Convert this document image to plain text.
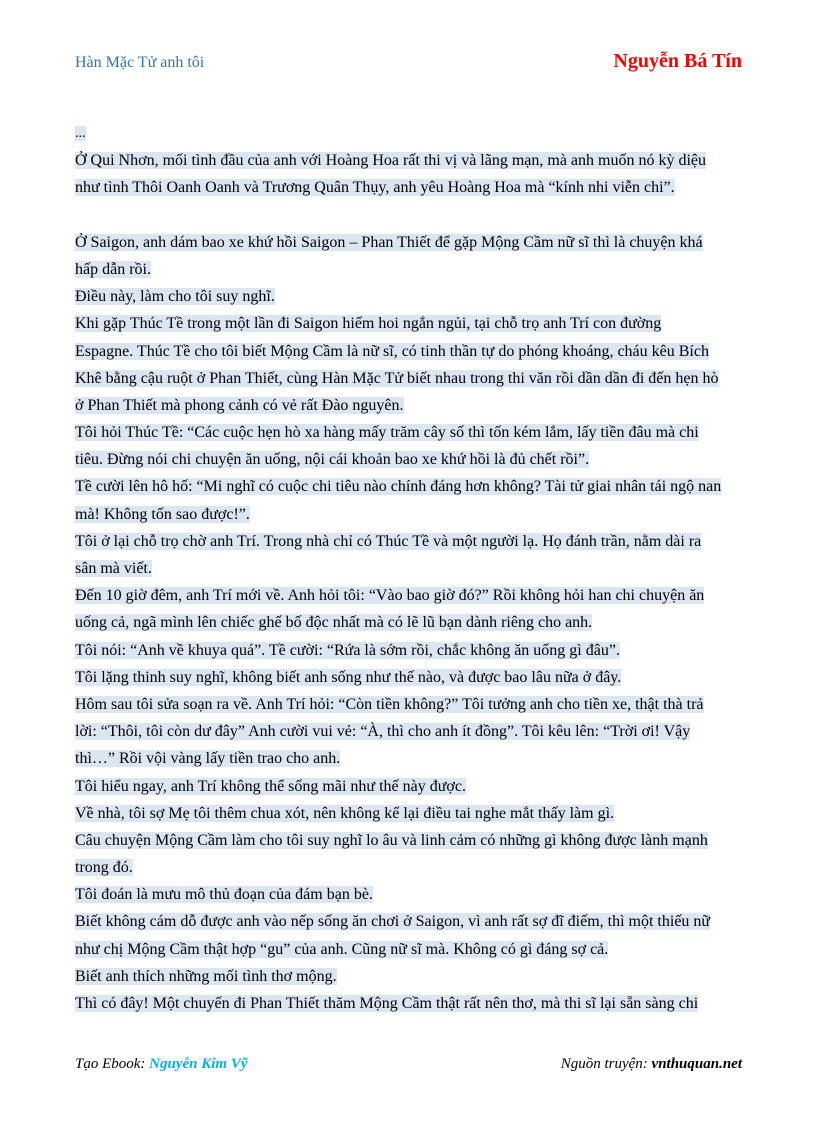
Hàn Mặc Tử anh tôi	Nguyễn Bá Tín
...
Ở Qui Nhơn, mối tình đầu của anh với Hoàng Hoa rất thi vị và lãng mạn, mà anh muốn nó kỳ diệu
như tình Thôi Oanh Oanh và Trương Quân Thụy, anh yêu Hoàng Hoa mà “kính nhi viễn chi”.
Ở Saigon, anh dám bao xe khứ hồi Saigon – Phan Thiết để gặp Mộng Cầm nữ sĩ thì là chuyện khá
hấp dẫn rồi.
Điều này, làm cho tôi suy nghĩ.
Khi gặp Thúc Tề trong một lần đi Saigon hiếm hoi ngắn ngủi, tại chỗ trọ anh Trí con đường
Espagne. Thúc Tề cho tôi biết Mộng Cầm là nữ sĩ, có tinh thần tự do phóng khoáng, cháu kêu Bích
Khê bằng cậu ruột ở Phan Thiết, cùng Hàn Mặc Tử biết nhau trong thi văn rồi dần dần đi đến hẹn hò
ở Phan Thiết mà phong cảnh có vẻ rất Đào nguyên.
Tôi hỏi Thúc Tề: “Các cuộc hẹn hò xa hàng mấy trăm cây số thì tốn kém lắm, lấy tiền đâu mà chi
tiêu. Đừng nói chi chuyện ăn uống, nội cái khoản bao xe khứ hồi là đủ chết rồi”.
Tề cười lên hô hố: “Mi nghĩ có cuộc chi tiêu nào chính đáng hơn không? Tài tử giai nhân tái ngộ nan
mà! Không tốn sao được!”.
Tôi ở lại chỗ trọ chờ anh Trí. Trong nhà chỉ có Thúc Tề và một người lạ. Họ đánh trần, nằm dài ra
sân mà viết.
Đến 10 giờ đêm, anh Trí mới về. Anh hỏi tôi: “Vào bao giờ đó?” Rồi không hỏi han chi chuyện ăn
uống cả, ngã mình lên chiếc ghế bố độc nhất mà có lẽ lũ bạn dành riêng cho anh.
Tôi nói: “Anh về khuya quá”. Tề cười: “Rứa là sớm rồi, chắc không ăn uống gì đâu”.
Tôi lặng thinh suy nghĩ, không biết anh sống như thế nào, và được bao lâu nữa ở đây.
Hôm sau tôi sửa soạn ra về. Anh Trí hỏi: “Còn tiền không?” Tôi tưởng anh cho tiền xe, thật thà trả
lời: “Thôi, tôi còn dư đây” Anh cười vui vẻ: “À, thì cho anh ít đồng”. Tôi kêu lên: “Trời ơi! Vậy
thì…” Rồi vội vàng lấy tiền trao cho anh.
Tôi hiểu ngay, anh Trí không thể sống mãi như thế này được.
Về nhà, tôi sợ Mẹ tôi thêm chua xót, nên không kể lại điều tai nghe mắt thấy làm gì.
Câu chuyện Mộng Cầm làm cho tôi suy nghĩ lo âu và linh cảm có những gì không được lành mạnh
trong đó.
Tôi đoán là mưu mô thủ đoạn của đám bạn bè.
Biết không cám dỗ được anh vào nếp sống ăn chơi ở Saigon, vì anh rất sợ đĩ điếm, thì một thiếu nữ
như chị Mộng Cầm thật hợp “gu” của anh. Cũng nữ sĩ mà. Không có gì đáng sợ cả.
Biết anh thích những mối tình thơ mộng.
Thì có đây! Một chuyến đi Phan Thiết thăm Mộng Cầm thật rất nên thơ, mà thi sĩ lại sẵn sàng chi
Tạo Ebook: Nguyễn Kim Vỹ	Nguồn truyện: vnthuquan.net
